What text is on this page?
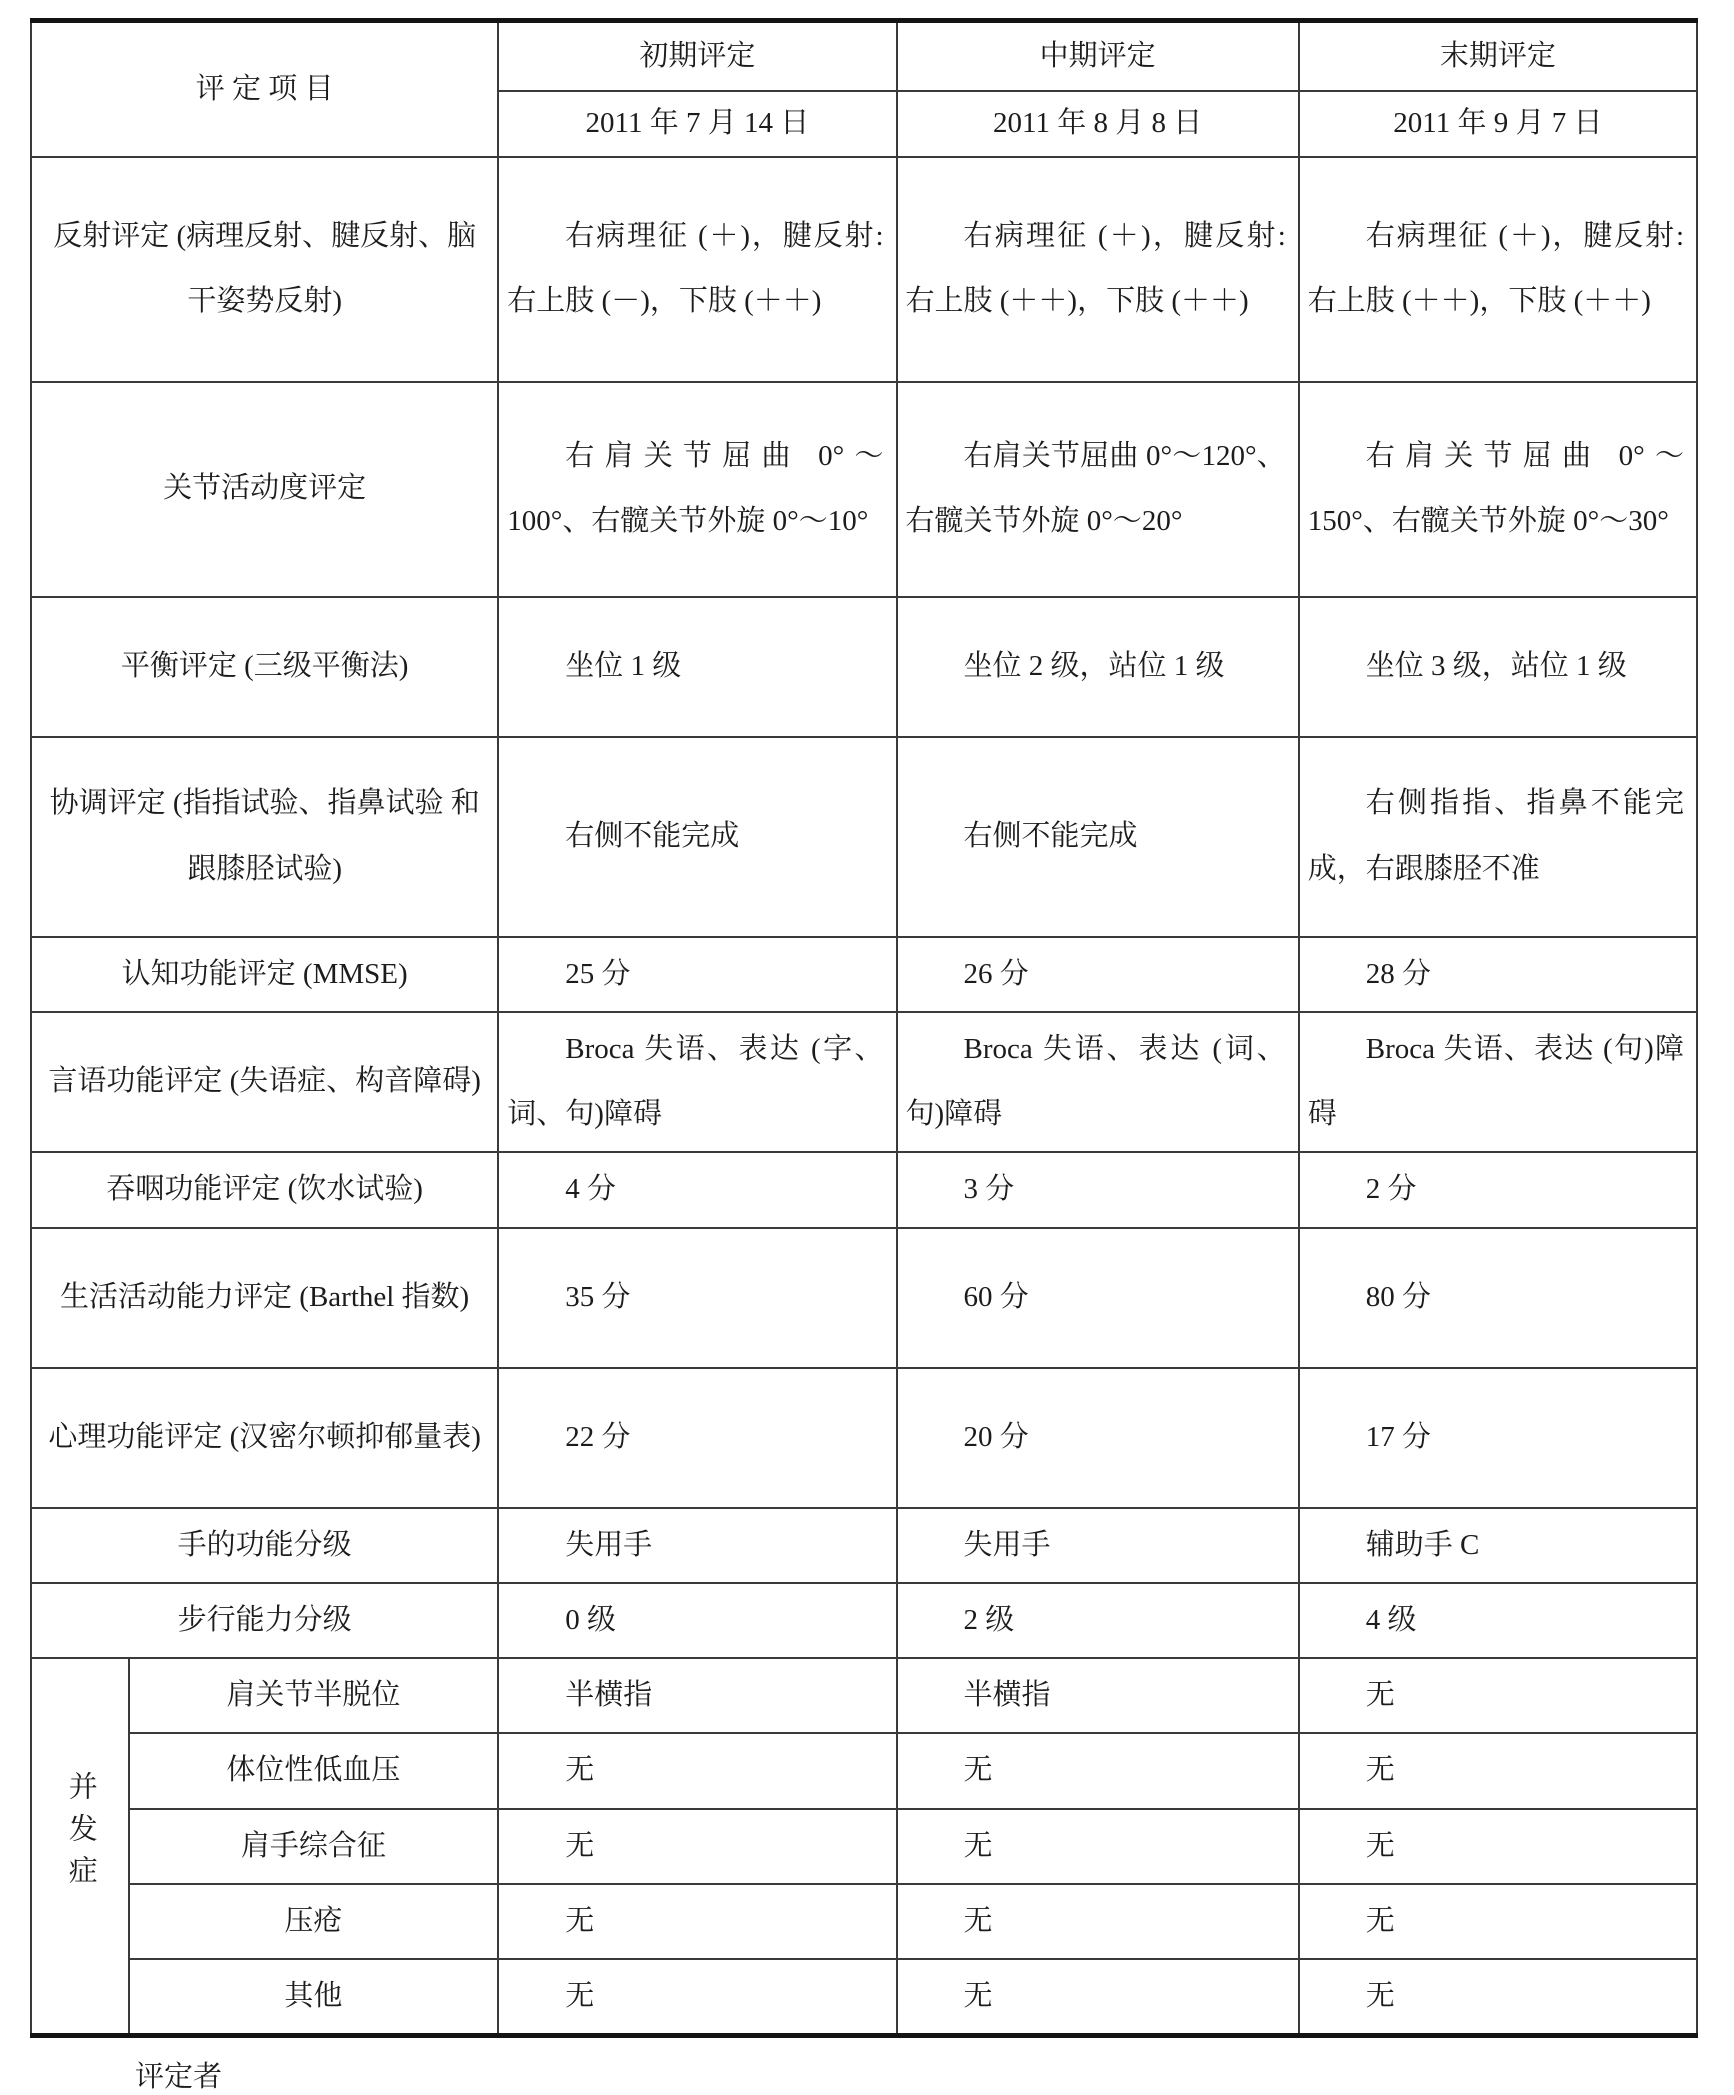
评 定 项 目		初期评定	中期评定	末期评定
		2011 年 7 月 14 日	2011 年 8 月 8 日	2011 年 9 月 7 日
反射评定 (病理反射、腱反射、脑干姿势反射)		右病理征 (＋)，腱反射:右上肢 (－)，下肢 (＋＋)	右病理征 (＋)，腱反射:右上肢 (＋＋)，下肢 (＋＋)	右病理征 (＋)，腱反射:右上肢 (＋＋)，下肢 (＋＋)
关节活动度评定		右肩关节屈曲 0°～100°、右髋关节外旋 0°～10°	右肩关节屈曲 0°～120°、右髋关节外旋 0°～20°	右肩关节屈曲 0°～150°、右髋关节外旋 0°～30°
平衡评定 (三级平衡法)		坐位 1 级	坐位 2 级，站位 1 级	坐位 3 级，站位 1 级
协调评定 (指指试验、指鼻试验 和跟膝胫试验)		右侧不能完成	右侧不能完成	右侧指指、指鼻不能完成，右跟膝胫不准
认知功能评定 (MMSE)		25 分	26 分	28 分
言语功能评定 (失语症、构音障碍)		Broca 失语、表达 (字、词、句)障碍	Broca 失语、表达 (词、句)障碍	Broca 失语、表达 (句)障碍
吞咽功能评定 (饮水试验)		4 分	3 分	2 分
生活活动能力评定 (Barthel 指数)		35 分	60 分	80 分
心理功能评定 (汉密尔顿抑郁量表)		22 分	20 分	17 分
手的功能分级		失用手	失用手	辅助手 C
步行能力分级		0 级	2 级	4 级
并发症	肩关节半脱位	半横指	半横指	无
	体位性低血压	无	无	无
	肩手综合征	无	无	无
	压疮	无	无	无
	其他	无	无	无
评定者
